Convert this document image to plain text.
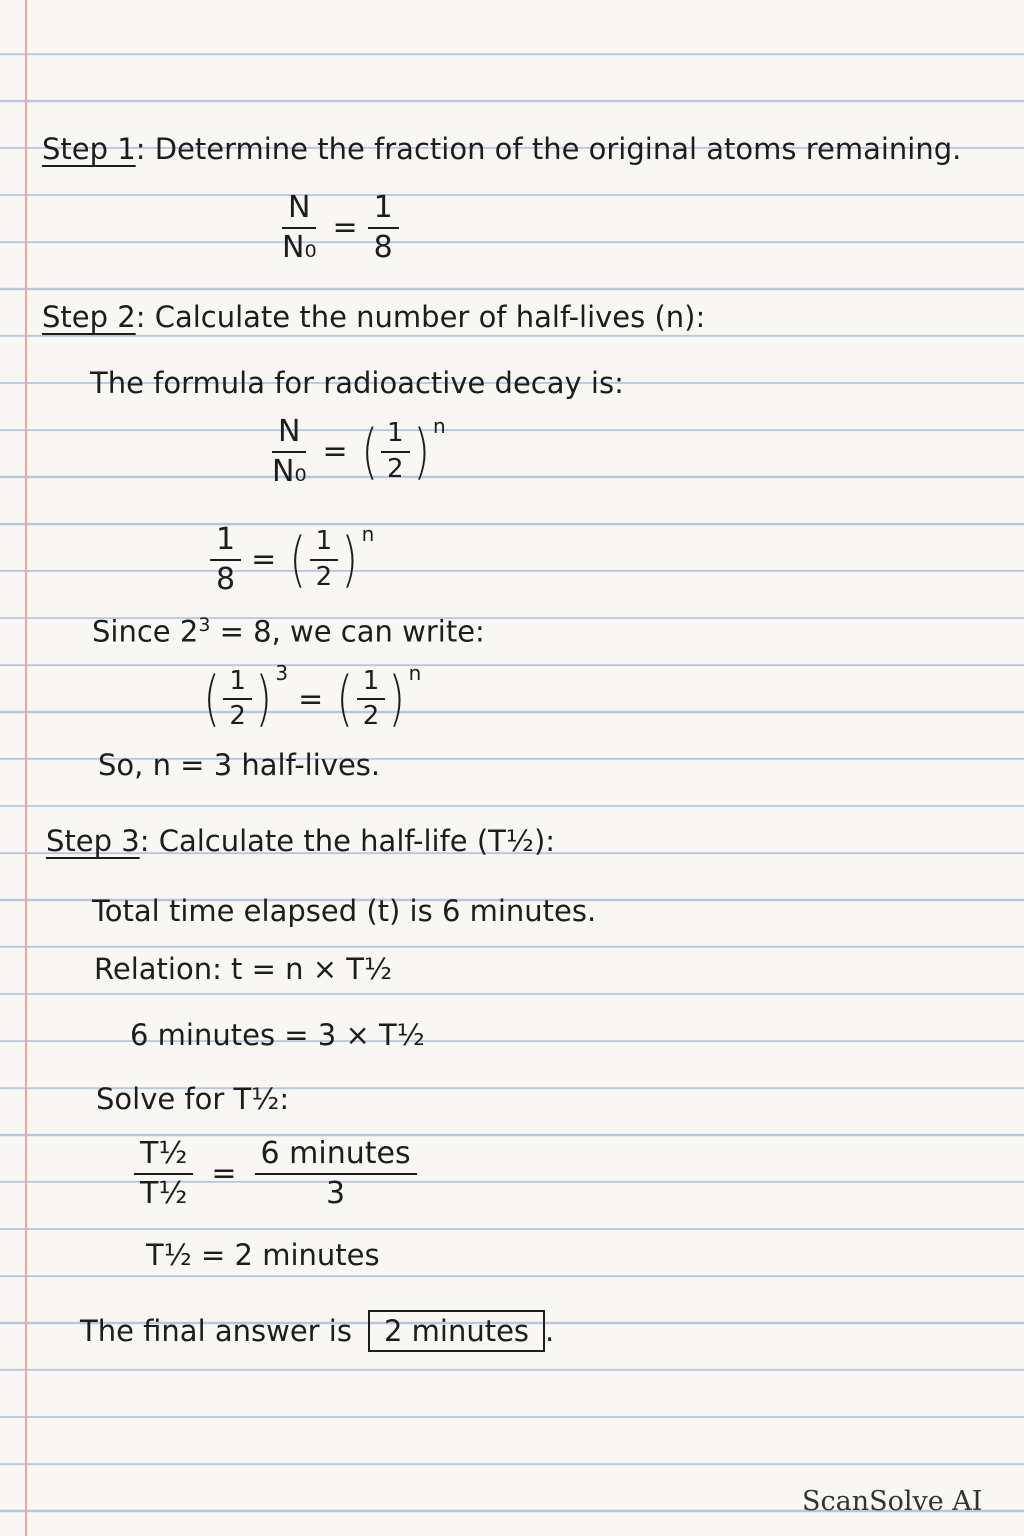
Step 1: Determine the fraction of the original atoms remaining.
$\frac{N}{\text{N₀}} = \frac{1}{8}$
Step 2: Calculate the number of half-lives (n):
The formula for radioactive decay is:
$\frac{N}{\text{N₀}}$ = ( $\frac{1}{2}$ ) n
$\frac{1}{8}$ = ( $\frac{1}{2}$ ) n
Since $2^3 = 8$, we can write:
( $\frac{1}{2}$ ) 3
= ( $\frac{1}{2}$ ) n
So, n = 3 half-lives.
Step 3: Calculate the half-life (T½):
Total time elapsed (t) is 6 minutes.
Relation: t = n × T½
6 minutes = 3 × T½
Solve for T½:
$\frac{\text{T½}}{\text{T½}} = \frac{\text{6 minutes}}{3}$
T½ = 2 minutes
The final answer is	2 minutes .
ScanSolve AI
